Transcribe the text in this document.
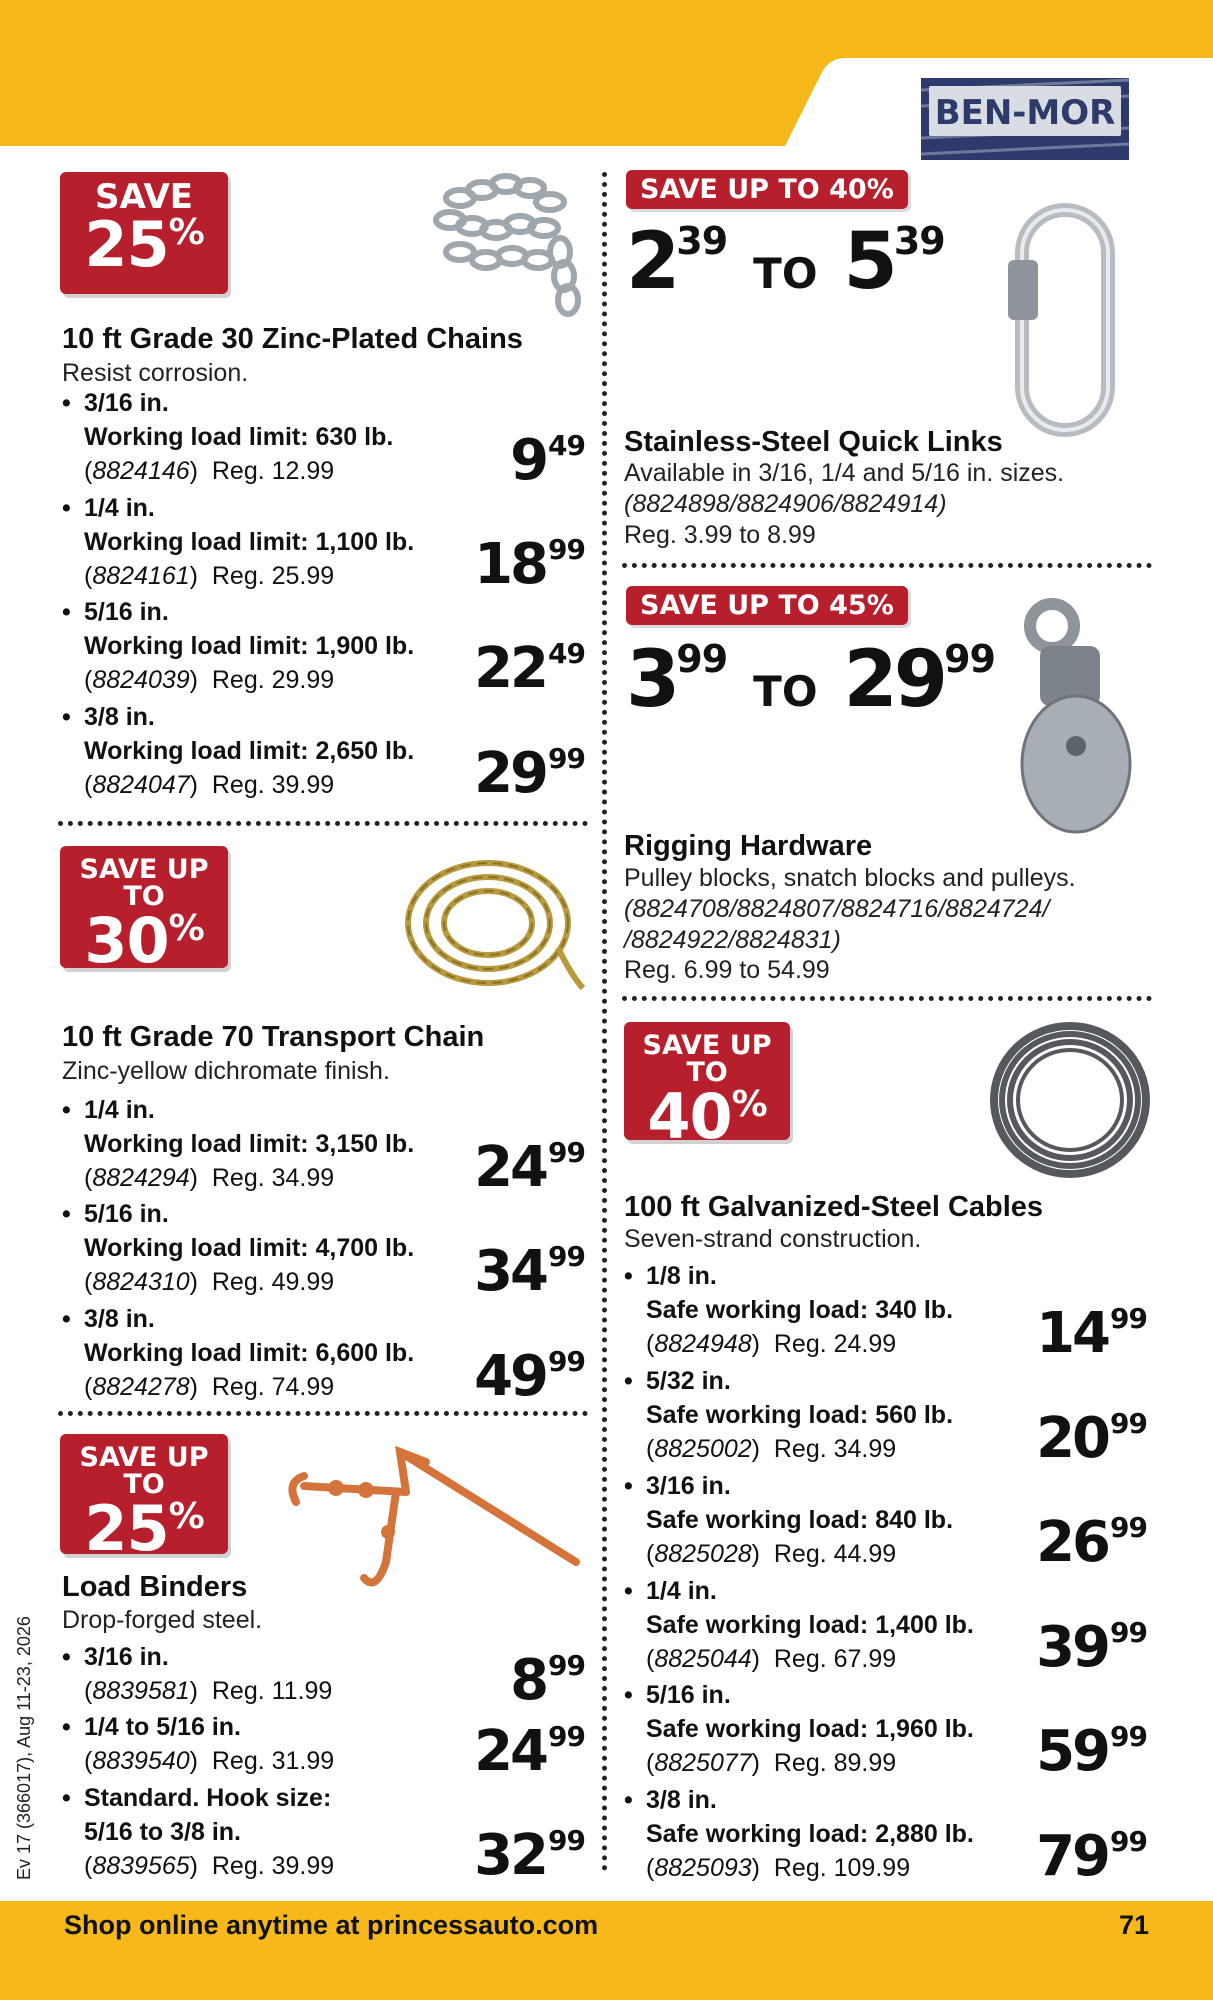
BEN-MOR
SAVE
25%
10 ft Grade 30 Zinc-Plated Chains
Resist corrosion.
• 3/16 in.
Working load limit: 630 lb.
(8824146)  Reg. 12.99	$9^{49}$
• 1/4 in.
Working load limit: 1,100 lb.
(8824161)  Reg. 25.99	$18^{99}$
• 5/16 in.
Working load limit: 1,900 lb.
(8824039)  Reg. 29.99	$22^{49}$
• 3/8 in.
Working load limit: 2,650 lb.
(8824047)  Reg. 39.99	$29^{99}$
SAVE UP TO
30%
10 ft Grade 70 Transport Chain
Zinc-yellow dichromate finish.
• 1/4 in.
Working load limit: 3,150 lb.
(8824294)  Reg. 34.99	$24^{99}$
• 5/16 in.
Working load limit: 4,700 lb.
(8824310)  Reg. 49.99	$34^{99}$
• 3/8 in.
Working load limit: 6,600 lb.
(8824278)  Reg. 74.99	$49^{99}$
SAVE UP TO
25%
Load Binders
Drop-forged steel.
• 3/16 in.
(8839581)  Reg. 11.99	$8^{99}$
• 1/4 to 5/16 in.
(8839540)  Reg. 31.99 $24^{99}$
• Standard. Hook size:
5/16 to 3/8 in.
(8839565)  Reg. 39.99 $32^{99}$
SAVE UP TO 40%
239TO 539
Stainless-Steel Quick Links
Available in 3/16, 1/4 and 5/16 in. sizes.
(8824898/8824906/8824914)
Reg. 3.99 to 8.99
SAVE UP TO 45%
399TO 2999
Rigging Hardware
Pulley blocks, snatch blocks and pulleys.
(8824708/8824807/8824716/8824724/
/8824922/8824831)
Reg. 6.99 to 54.99
SAVE UP TO
40%
100 ft Galvanized-Steel Cables
Seven-strand construction.
• 1/8 in.
Safe working load: 340 lb.
(8824948)  Reg. 24.99	$14^{99}$
• 5/32 in.
Safe working load: 560 lb.
(8825002)  Reg. 34.99	$20^{99}$
• 3/16 in.
Safe working load: 840 lb.
(8825028)  Reg. 44.99	$26^{99}$
• 1/4 in.
Safe working load: 1,400 lb.
(8825044)  Reg. 67.99	$39^{99}$
• 5/16 in.
Safe working load: 1,960 lb.
(8825077)  Reg. 89.99	$59^{99}$
• 3/8 in.
Safe working load: 2,880 lb.
(8825093)  Reg. 109.99	$79^{99}$
Ev 17 (366017), Aug 11-23, 2026
Shop online anytime at princessauto.com	71
